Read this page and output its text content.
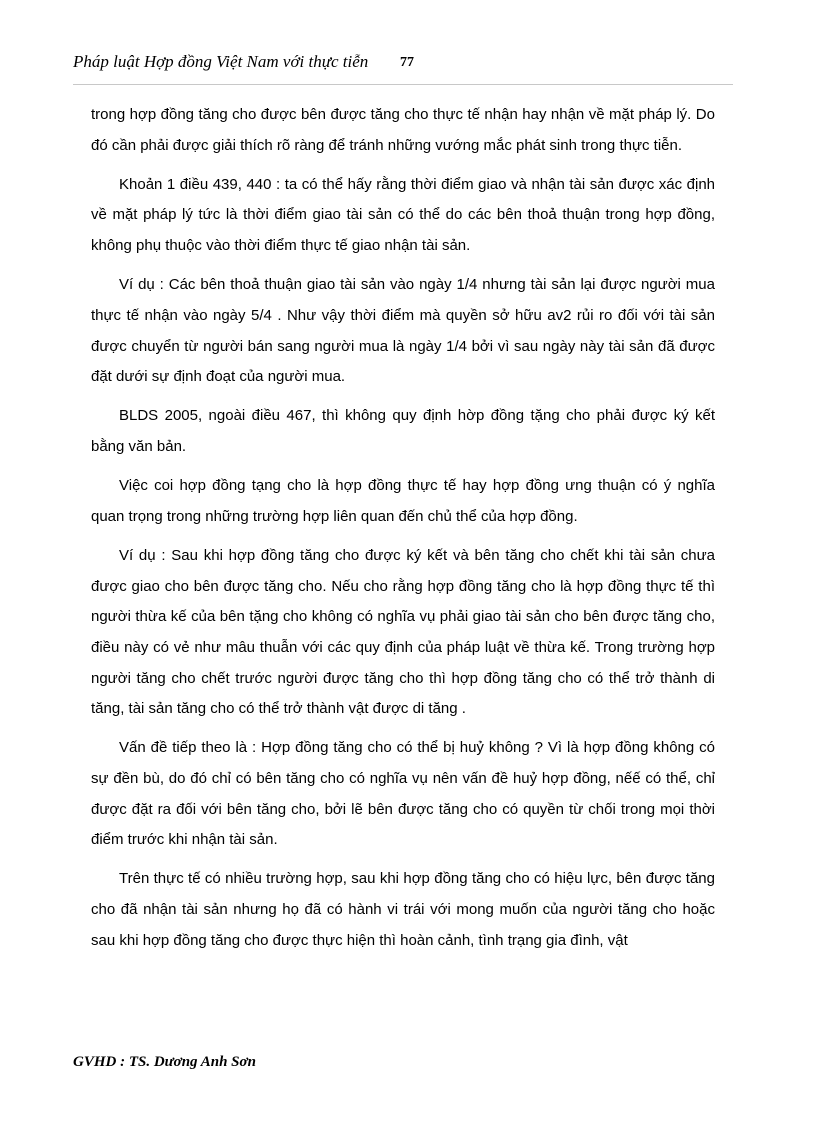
Pháp luật Hợp đồng Việt Nam với thực tiễn 77

trong hợp đồng tăng cho được bên được tăng cho thực tế nhận hay nhận về mặt pháp lý. Do đó cần phải được giải thích rõ ràng để tránh những vướng mắc phát sinh trong thực tiễn.

Khoản 1 điều 439, 440 : ta có thể hấy rằng thời điểm giao và nhận tài sản được xác định về mặt pháp lý tức là thời điểm giao tài sản có thể do các bên thoả thuận trong hợp đồng, không phụ thuộc vào thời điểm thực tế giao nhận tài sản.

Ví dụ : Các bên thoả thuận giao tài sản vào ngày 1/4 nhưng tài sản lại được người mua thực tế nhận vào ngày 5/4 . Như vậy thời điểm mà quyền sở hữu av2 rủi ro đối với tài sản được chuyển từ người bán sang người mua là ngày 1/4 bởi vì sau ngày này tài sản đã được đặt dưới sự định đoạt của người mua.

BLDS 2005, ngoài điều 467, thì không quy định hờp đồng tặng cho phải được ký kết bằng văn bản.

Việc coi hợp đồng tạng cho là hợp đồng thực tế hay hợp đồng ưng thuận có ý nghĩa quan trọng trong những trường hợp liên quan đến chủ thể của hợp đồng.

Ví dụ : Sau khi hợp đồng tăng cho được ký kết và bên tăng cho chết khi tài sản chưa được giao cho bên được tăng cho. Nếu cho rằng hợp đồng tăng cho là hợp đồng thực tế thì người thừa kế của bên tặng cho không có nghĩa vụ phải giao tài sản cho bên được tăng cho, điều này có vẻ như mâu thuẫn với các quy định của pháp luật về thừa kế. Trong trường hợp người tăng cho chết trước người được tăng cho thì hợp đồng tăng cho có thể trở thành di tăng, tài sản tăng cho có thể trở thành vật được di tăng .

Vấn đề tiếp theo là : Hợp đồng tăng cho có thể bị huỷ không ? Vì là hợp đồng không có sự đền bù, do đó chỉ có bên tăng cho có nghĩa vụ nên vấn đề huỷ hợp đồng, nếế có thể, chỉ được đặt ra đối với bên tăng cho, bởi lẽ bên được tăng cho có quyền từ chối trong mọi thời điểm trước khi nhận tài sản.

Trên thực tế có nhiều trường hợp, sau khi hợp đồng tăng cho có hiệu lực, bên được tăng cho đã nhận tài sản nhưng họ đã có hành vi trái với mong muốn của người tăng cho hoặc sau khi hợp đồng tăng cho được thực hiện thì hoàn cảnh, tình trạng gia đình, vật

GVHD : TS. Dương Anh Sơn
